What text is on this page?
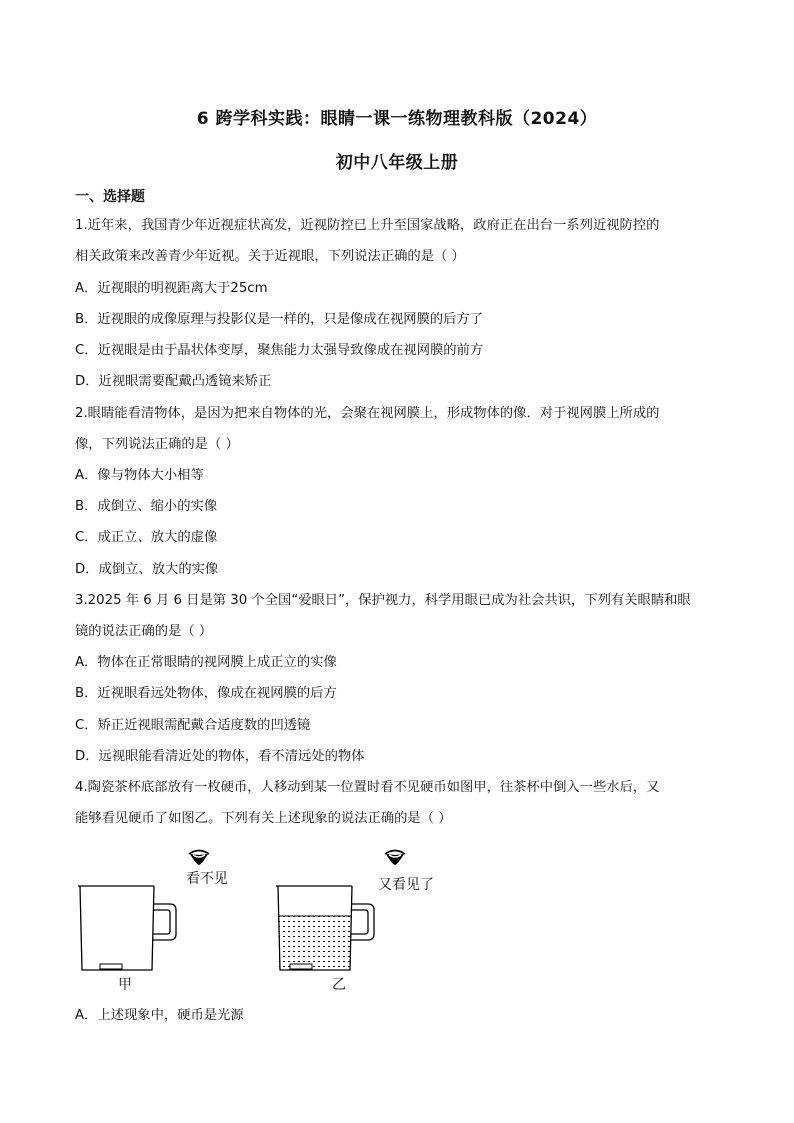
6 跨学科实践：眼睛一课一练物理教科版（2024）
初中八年级上册
一、选择题
1.近年来，我国青少年近视症状高发，近视防控已上升至国家战略，政府正在出台一系列近视防控的
相关政策来改善青少年近视。关于近视眼，下列说法正确的是（ ）
A．近视眼的明视距离大于25cm
B．近视眼的成像原理与投影仪是一样的，只是像成在视网膜的后方了
C．近视眼是由于晶状体变厚，聚焦能力太强导致像成在视网膜的前方
D．近视眼需要配戴凸透镜来矫正
2.眼睛能看清物体，是因为把来自物体的光，会聚在视网膜上，形成物体的像．对于视网膜上所成的
像，下列说法正确的是（ ）
A．像与物体大小相等
B．成倒立、缩小的实像
C．成正立、放大的虚像
D．成倒立、放大的实像
3.2025 年 6 月 6 日是第 30 个全国“爱眼日”，保护视力，科学用眼已成为社会共识，下列有关眼睛和眼
镜的说法正确的是（ ）
A．物体在正常眼睛的视网膜上成正立的实像
B．近视眼看远处物体，像成在视网膜的后方
C．矫正近视眼需配戴合适度数的凹透镜
D．远视眼能看清近处的物体，看不清远处的物体
4.陶瓷茶杯底部放有一枚硬币，人移动到某一位置时看不见硬币如图甲，往茶杯中倒入一些水后，又
能够看见硬币了如图乙。下列有关上述现象的说法正确的是（ ）
看不见	又看见了
甲	乙
A．上述现象中，硬币是光源
